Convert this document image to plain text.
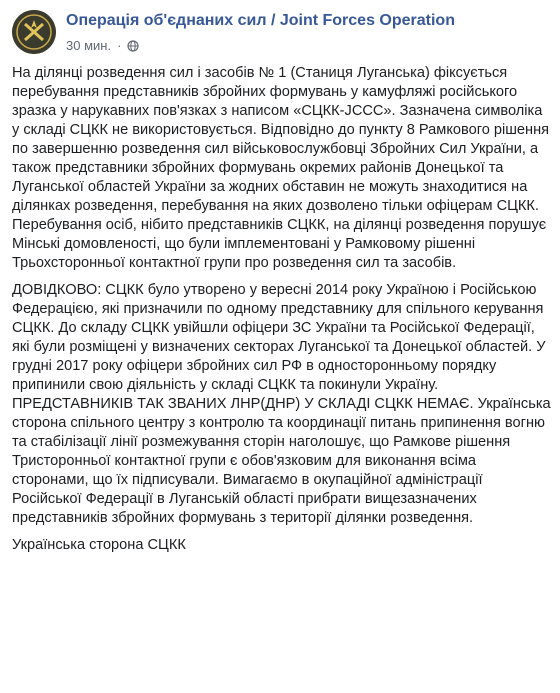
Операція об'єднаних сил / Joint Forces Operation
30 мин. ·

На ділянці розведення сил і засобів № 1 (Станиця Луганська) фіксується перебування представників збройних формувань у камуфляжі російського зразка у нарукавних пов'язках з написом «СЦКК-JCCC». Зазначена символіка у складі СЦКК не використовується. Відповідно до пункту 8 Рамкового рішення по завершенню розведення сил військовослужбовці Збройних Сил України, а також представники збройних формувань окремих районів Донецької та Луганської областей України за жодних обставин не можуть знаходитися на ділянках розведення, перебування на яких дозволено тільки офіцерам СЦКК. Перебування осіб, нібито представників СЦКК, на ділянці розведення порушує Мінські домовленості, що були імплементовані у Рамковому рішенні Трьохсторонньої контактної групи про розведення сил та засобів.

ДОВІДКОВО: СЦКК було утворено у вересні 2014 року Україною і Російською Федерацією, які призначили по одному представнику для спільного керування СЦКК. До складу СЦКК увійшли офіцери ЗС України та Російської Федерації, які були розміщені у визначених секторах Луганської та Донецької областей. У грудні 2017 року офіцери збройних сил РФ в односторонньому порядку припинили свою діяльність у складі СЦКК та покинули Україну. ПРЕДСТАВНИКІВ ТАК ЗВАНИХ ЛНР(ДНР) У СКЛАДІ СЦКК НЕМАЄ. Українська сторона спільного центру з контролю та координації питань припинення вогню та стабілізації лінії розмежування сторін наголошує, що Рамкове рішення Тристоронньої контактної групи є обов'язковим для виконання всіма сторонами, що їх підписували. Вимагаємо в окупаційної адміністрації Російської Федерації в Луганській області прибрати вищезазначених представників збройних формувань з території ділянки розведення.

Українська сторона СЦКК
